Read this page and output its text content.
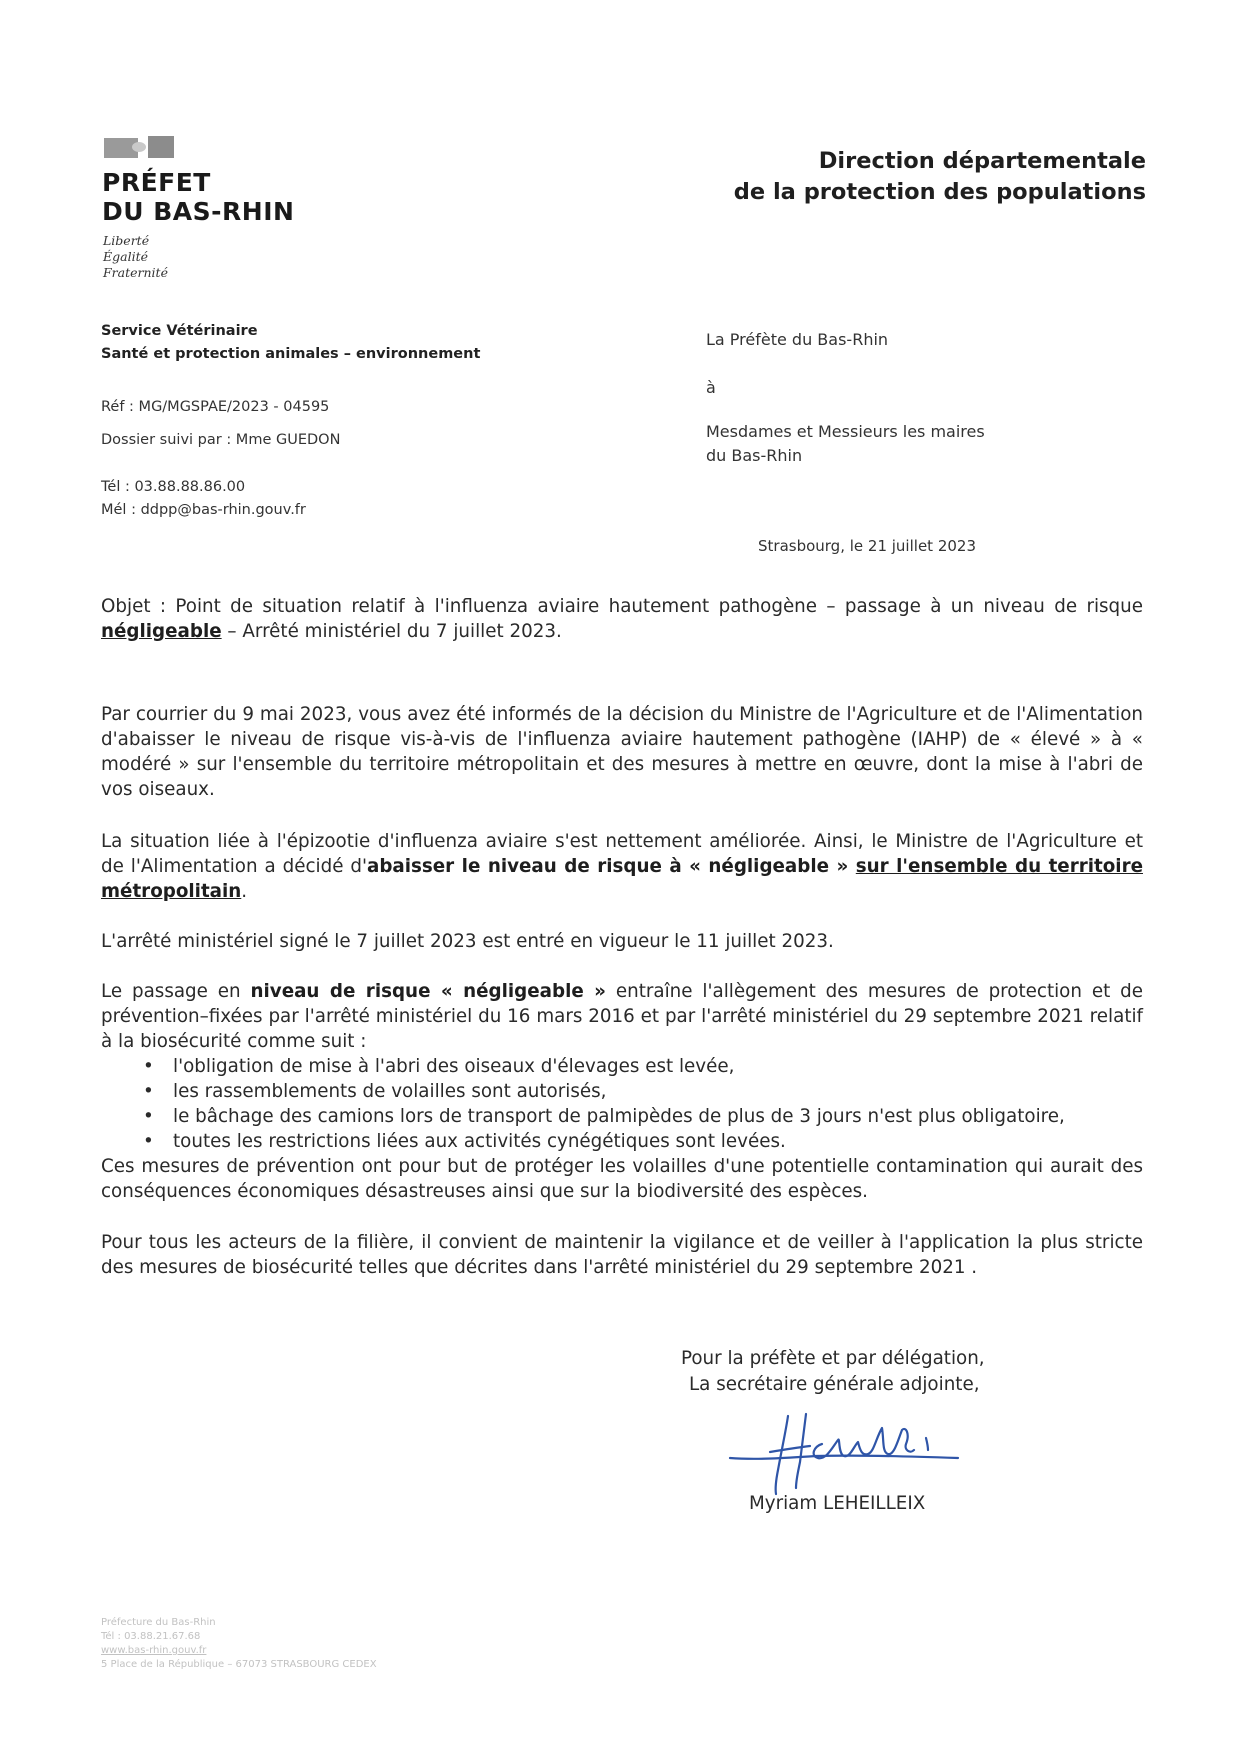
PRÉFET
DU BAS-RHIN
Liberté
Égalité
Fraternité
Direction départementale
de la protection des populations
Service Vétérinaire
Santé et protection animales – environnement
Réf : MG/MGSPAE/2023 - 04595
Dossier suivi par : Mme GUEDON
Tél : 03.88.88.86.00
Mél : ddpp@bas-rhin.gouv.fr
La Préfète du Bas-Rhin
à
Mesdames et Messieurs les maires
du Bas-Rhin
Strasbourg, le 21 juillet 2023
Objet : Point de situation relatif à l'influenza aviaire hautement pathogène – passage à un niveau de risque négligeable – Arrêté ministériel du 7 juillet 2023.
Par courrier du 9 mai 2023, vous avez été informés de la décision du Ministre de l'Agriculture et de l'Alimentation d'abaisser le niveau de risque vis-à-vis de l'influenza aviaire hautement pathogène (IAHP) de « élevé » à « modéré » sur l'ensemble du territoire métropolitain et des mesures à mettre en œuvre, dont la mise à l'abri de vos oiseaux.
La situation liée à l'épizootie d'influenza aviaire s'est nettement améliorée. Ainsi, le Ministre de l'Agriculture et de l'Alimentation a décidé d'abaisser le niveau de risque à « négligeable » sur l'ensemble du territoire métropolitain.
L'arrêté ministériel signé le 7 juillet 2023 est entré en vigueur le 11 juillet 2023.
Le passage en niveau de risque « négligeable » entraîne l'allègement des mesures de protection et de prévention–fixées par l'arrêté ministériel du 16 mars 2016 et par l'arrêté ministériel du 29 septembre 2021 relatif à la biosécurité comme suit :
• l'obligation de mise à l'abri des oiseaux d'élevages est levée,
• les rassemblements de volailles sont autorisés,
• le bâchage des camions lors de transport de palmipèdes de plus de 3 jours n'est plus obligatoire,
• toutes les restrictions liées aux activités cynégétiques sont levées.
Ces mesures de prévention ont pour but de protéger les volailles d'une potentielle contamination qui aurait des conséquences économiques désastreuses ainsi que sur la biodiversité des espèces.
Pour tous les acteurs de la filière, il convient de maintenir la vigilance et de veiller à l'application la plus stricte des mesures de biosécurité telles que décrites dans l'arrêté ministériel du 29 septembre 2021 .
Pour la préfète et par délégation,
La secrétaire générale adjointe,
Myriam LEHEILLEIX
Préfecture du Bas-Rhin
Tél : 03.88.21.67.68
www.bas-rhin.gouv.fr
5 Place de la République – 67073 STRASBOURG CEDEX
